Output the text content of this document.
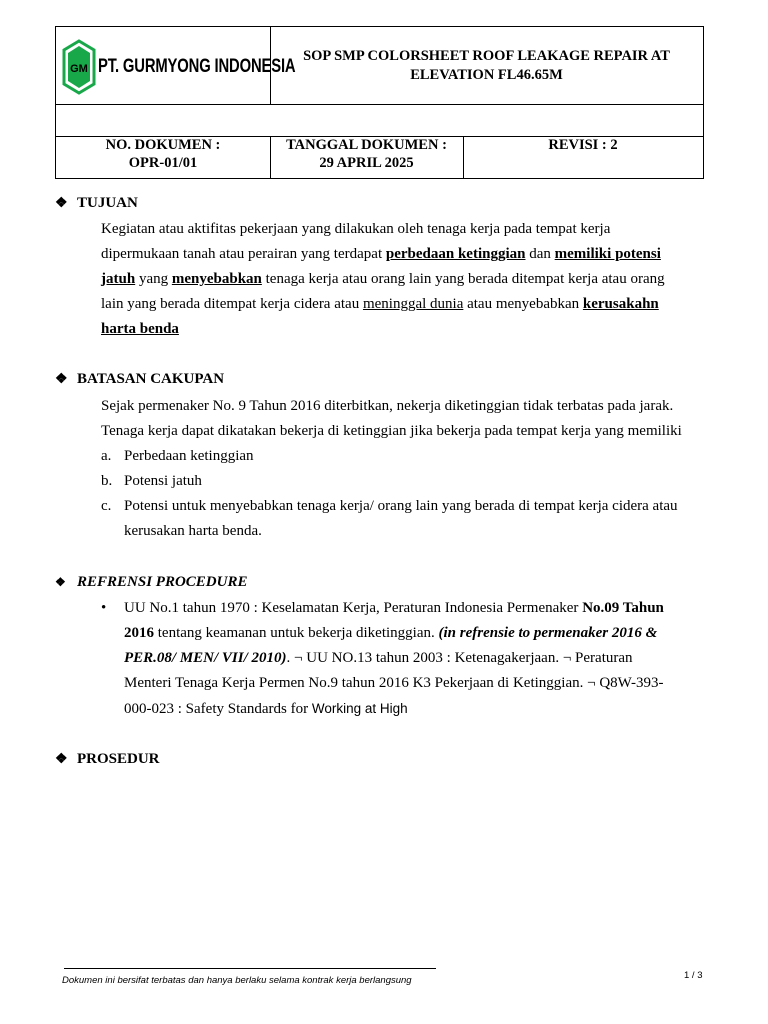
GM PT. GURMYONG INDONESIA
SOP SMP COLORSHEET ROOF LEAKAGE REPAIR AT ELEVATION FL46.65M
NO. DOKUMEN :
OPR-01/01
TANGGAL DOKUMEN :
29 APRIL 2025
REVISI : 2
❖ TUJUAN

Kegiatan atau aktifitas pekerjaan yang dilakukan oleh tenaga kerja pada tempat kerja

dipermukaan tanah atau perairan yang terdapat perbedaan ketinggian dan memiliki potensi

jatuh yang menyebabkan tenaga kerja atau orang lain yang berada ditempat kerja atau orang

lain yang berada ditempat kerja cidera atau meninggal dunia atau menyebabkan kerusakahn

harta benda

❖ BATASAN CAKUPAN

Sejak permenaker No. 9 Tahun 2016 diterbitkan, nekerja diketinggian tidak terbatas pada jarak.

Tenaga kerja dapat dikatakan bekerja di ketinggian jika bekerja pada tempat kerja yang memiliki

a. Perbedaan ketinggian
b. Potensi jatuh
c. Potensi untuk menyebabkan tenaga kerja/ orang lain yang berada di tempat kerja cidera atau
kerusakan harta benda.
❖ REFRENSI PROCEDURE
• UU No.1 tahun 1970 : Keselamatan Kerja, Peraturan Indonesia Permenaker No.09 Tahun

2016 tentang keamanan untuk bekerja diketinggian. (in refrensie to permenaker 2016 &

PER.08/ MEN/ VII/ 2010). ¬ UU NO.13 tahun 2003 : Ketenagakerjaan. ¬ Peraturan

Menteri Tenaga Kerja Permen No.9 tahun 2016 K3 Pekerjaan di Ketinggian. ¬ Q8W-393-

000-023 : Safety Standards for Working at High

❖ PROSEDUR
Dokumen ini bersifat terbatas dan hanya berlaku selama kontrak kerja berlangsung	1 / 3
